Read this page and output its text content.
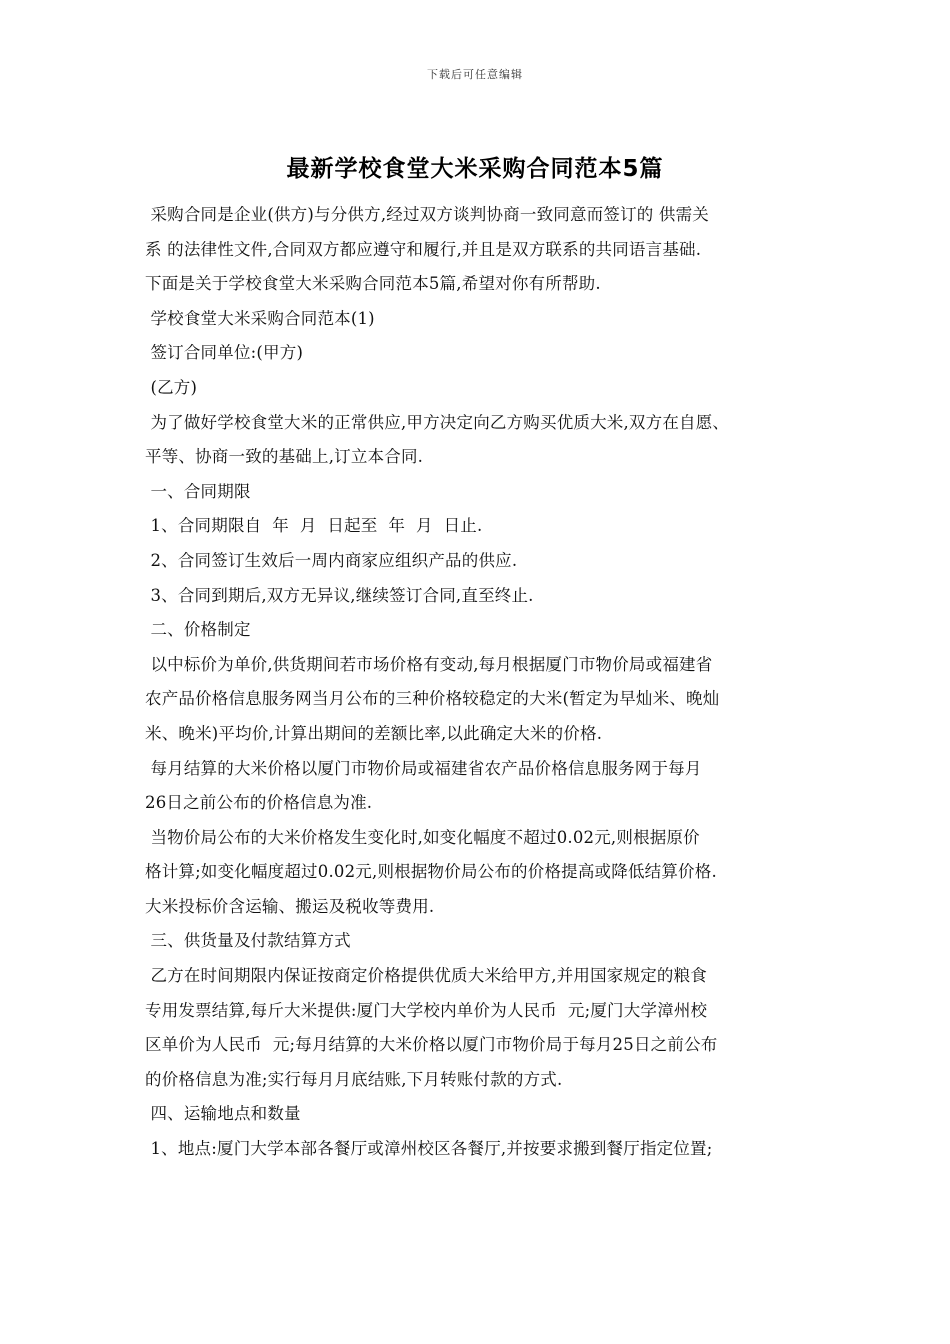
下载后可任意编辑
最新学校食堂大米采购合同范本5篇
采购合同是企业(供方)与分供方,经过双方谈判协商一致同意而签订的 供需关
系 的法律性文件,合同双方都应遵守和履行,并且是双方联系的共同语言基础.
下面是关于学校食堂大米采购合同范本5篇,希望对你有所帮助.
学校食堂大米采购合同范本(1)
签订合同单位:(甲方)
(乙方)
为了做好学校食堂大米的正常供应,甲方决定向乙方购买优质大米,双方在自愿、
平等、协商一致的基础上,订立本合同.
一、合同期限
1、合同期限自  年  月  日起至  年  月  日止.
2、合同签订生效后一周内商家应组织产品的供应.
3、合同到期后,双方无异议,继续签订合同,直至终止.
二、价格制定
以中标价为单价,供货期间若市场价格有变动,每月根据厦门市物价局或福建省
农产品价格信息服务网当月公布的三种价格较稳定的大米(暂定为早灿米、晚灿
米、晚米)平均价,计算出期间的差额比率,以此确定大米的价格.
每月结算的大米价格以厦门市物价局或福建省农产品价格信息服务网于每月
26日之前公布的价格信息为准.
当物价局公布的大米价格发生变化时,如变化幅度不超过0.02元,则根据原价
格计算;如变化幅度超过0.02元,则根据物价局公布的价格提高或降低结算价格.
大米投标价含运输、搬运及税收等费用.
三、供货量及付款结算方式
乙方在时间期限内保证按商定价格提供优质大米给甲方,并用国家规定的粮食
专用发票结算,每斤大米提供:厦门大学校内单价为人民币  元;厦门大学漳州校
区单价为人民币  元;每月结算的大米价格以厦门市物价局于每月25日之前公布
的价格信息为准;实行每月月底结账,下月转账付款的方式.
四、运输地点和数量
1、地点:厦门大学本部各餐厅或漳州校区各餐厅,并按要求搬到餐厅指定位置;
